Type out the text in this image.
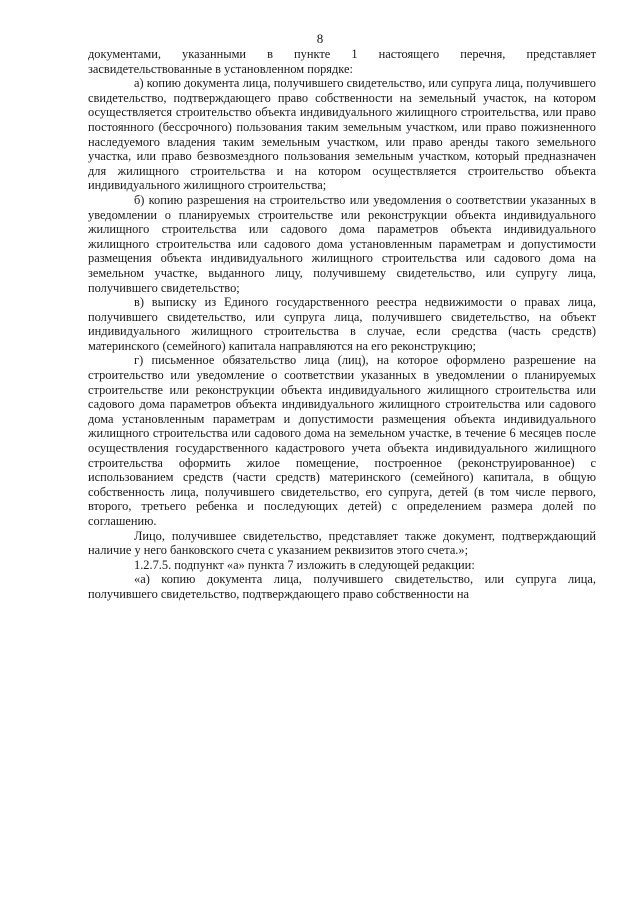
8

документами, указанными в пункте 1 настоящего перечня, представляет засвидетельствованные в установленном порядке:

а) копию документа лица, получившего свидетельство, или супруга лица, получившего свидетельство, подтверждающего право собственности на земельный участок, на котором осуществляется строительство объекта индивидуального жилищного строительства, или право постоянного (бессрочного) пользования таким земельным участком, или право пожизненного наследуемого владения таким земельным участком, или право аренды такого земельного участка, или право безвозмездного пользования земельным участком, который предназначен для жилищного строительства и на котором осуществляется строительство объекта индивидуального жилищного строительства;

б) копию разрешения на строительство или уведомления о соответствии указанных в уведомлении о планируемых строительстве или реконструкции объекта индивидуального жилищного строительства или садового дома параметров объекта индивидуального жилищного строительства или садового дома установленным параметрам и допустимости размещения объекта индивидуального жилищного строительства или садового дома на земельном участке, выданного лицу, получившему свидетельство, или супругу лица, получившего свидетельство;

в) выписку из Единого государственного реестра недвижимости о правах лица, получившего свидетельство, или супруга лица, получившего свидетельство, на объект индивидуального жилищного строительства в случае, если средства (часть средств) материнского (семейного) капитала направляются на его реконструкцию;

г) письменное обязательство лица (лиц), на которое оформлено разрешение на строительство или уведомление о соответствии указанных в уведомлении о планируемых строительстве или реконструкции объекта индивидуального жилищного строительства или садового дома параметров объекта индивидуального жилищного строительства или садового дома установленным параметрам и допустимости размещения объекта индивидуального жилищного строительства или садового дома на земельном участке, в течение 6 месяцев после осуществления государственного кадастрового учета объекта индивидуального жилищного строительства оформить жилое помещение, построенное (реконструированное) с использованием средств (части средств) материнского (семейного) капитала, в общую собственность лица, получившего свидетельство, его супруга, детей (в том числе первого, второго, третьего ребенка и последующих детей) с определением размера долей по соглашению.

Лицо, получившее свидетельство, представляет также документ, подтверждающий наличие у него банковского счета с указанием реквизитов этого счета.»;

1.2.7.5. подпункт «а» пункта 7 изложить в следующей редакции:

«а) копию документа лица, получившего свидетельство, или супруга лица, получившего свидетельство, подтверждающего право собственности на
